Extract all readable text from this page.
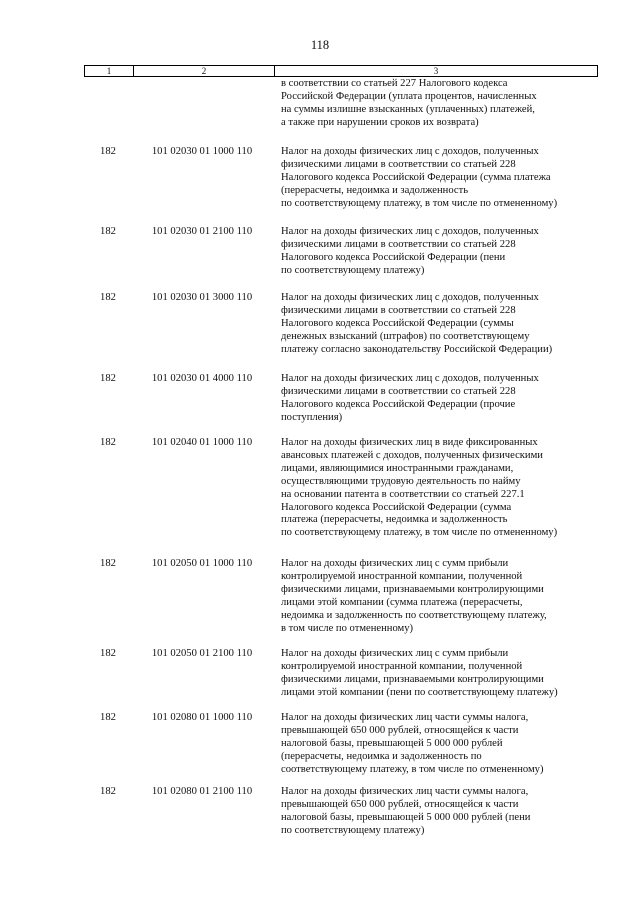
118
1	2	3
в соответствии со статьей 227 Налогового кодекса
Российской Федерации (уплата процентов, начисленных
на суммы излишне взысканных (уплаченных) платежей,
а также при нарушении сроков их возврата)
182	101 02030 01 1000 110	Налог на доходы физических лиц с доходов, полученных
физическими лицами в соответствии со статьей 228
Налогового кодекса Российской Федерации (сумма платежа
(перерасчеты, недоимка и задолженность
по соответствующему платежу, в том числе по отмененному)
182	101 02030 01 2100 110	Налог на доходы физических лиц с доходов, полученных
физическими лицами в соответствии со статьей 228
Налогового кодекса Российской Федерации (пени
по соответствующему платежу)
182	101 02030 01 3000 110	Налог на доходы физических лиц с доходов, полученных
физическими лицами в соответствии со статьей 228
Налогового кодекса Российской Федерации (суммы
денежных взысканий (штрафов) по соответствующему
платежу согласно законодательству Российской Федерации)
182	101 02030 01 4000 110	Налог на доходы физических лиц с доходов, полученных
физическими лицами в соответствии со статьей 228
Налогового кодекса Российской Федерации (прочие
поступления)
182	101 02040 01 1000 110	Налог на доходы физических лиц в виде фиксированных
авансовых платежей с доходов, полученных физическими
лицами, являющимися иностранными гражданами,
осуществляющими трудовую деятельность по найму
на основании патента в соответствии со статьей 227.1
Налогового кодекса Российской Федерации (сумма
платежа (перерасчеты, недоимка и задолженность
по соответствующему платежу, в том числе по отмененному)
182	101 02050 01 1000 110	Налог на доходы физических лиц с сумм прибыли
контролируемой иностранной компании, полученной
физическими лицами, признаваемыми контролирующими
лицами этой компании (сумма платежа (перерасчеты,
недоимка и задолженность по соответствующему платежу,
в том числе по отмененному)
182	101 02050 01 2100 110	Налог на доходы физических лиц с сумм прибыли
контролируемой иностранной компании, полученной
физическими лицами, признаваемыми контролирующими
лицами этой компании (пени по соответствующему платежу)
182	101 02080 01 1000 110	Налог на доходы физических лиц части суммы налога,
превышающей 650 000 рублей, относящейся к части
налоговой базы, превышающей 5 000 000 рублей
(перерасчеты, недоимка и задолженность по
соответствующему платежу, в том числе по отмененному)
182	101 02080 01 2100 110	Налог на доходы физических лиц части суммы налога,
превышающей 650 000 рублей, относящейся к части
налоговой базы, превышающей 5 000 000 рублей (пени
по соответствующему платежу)
